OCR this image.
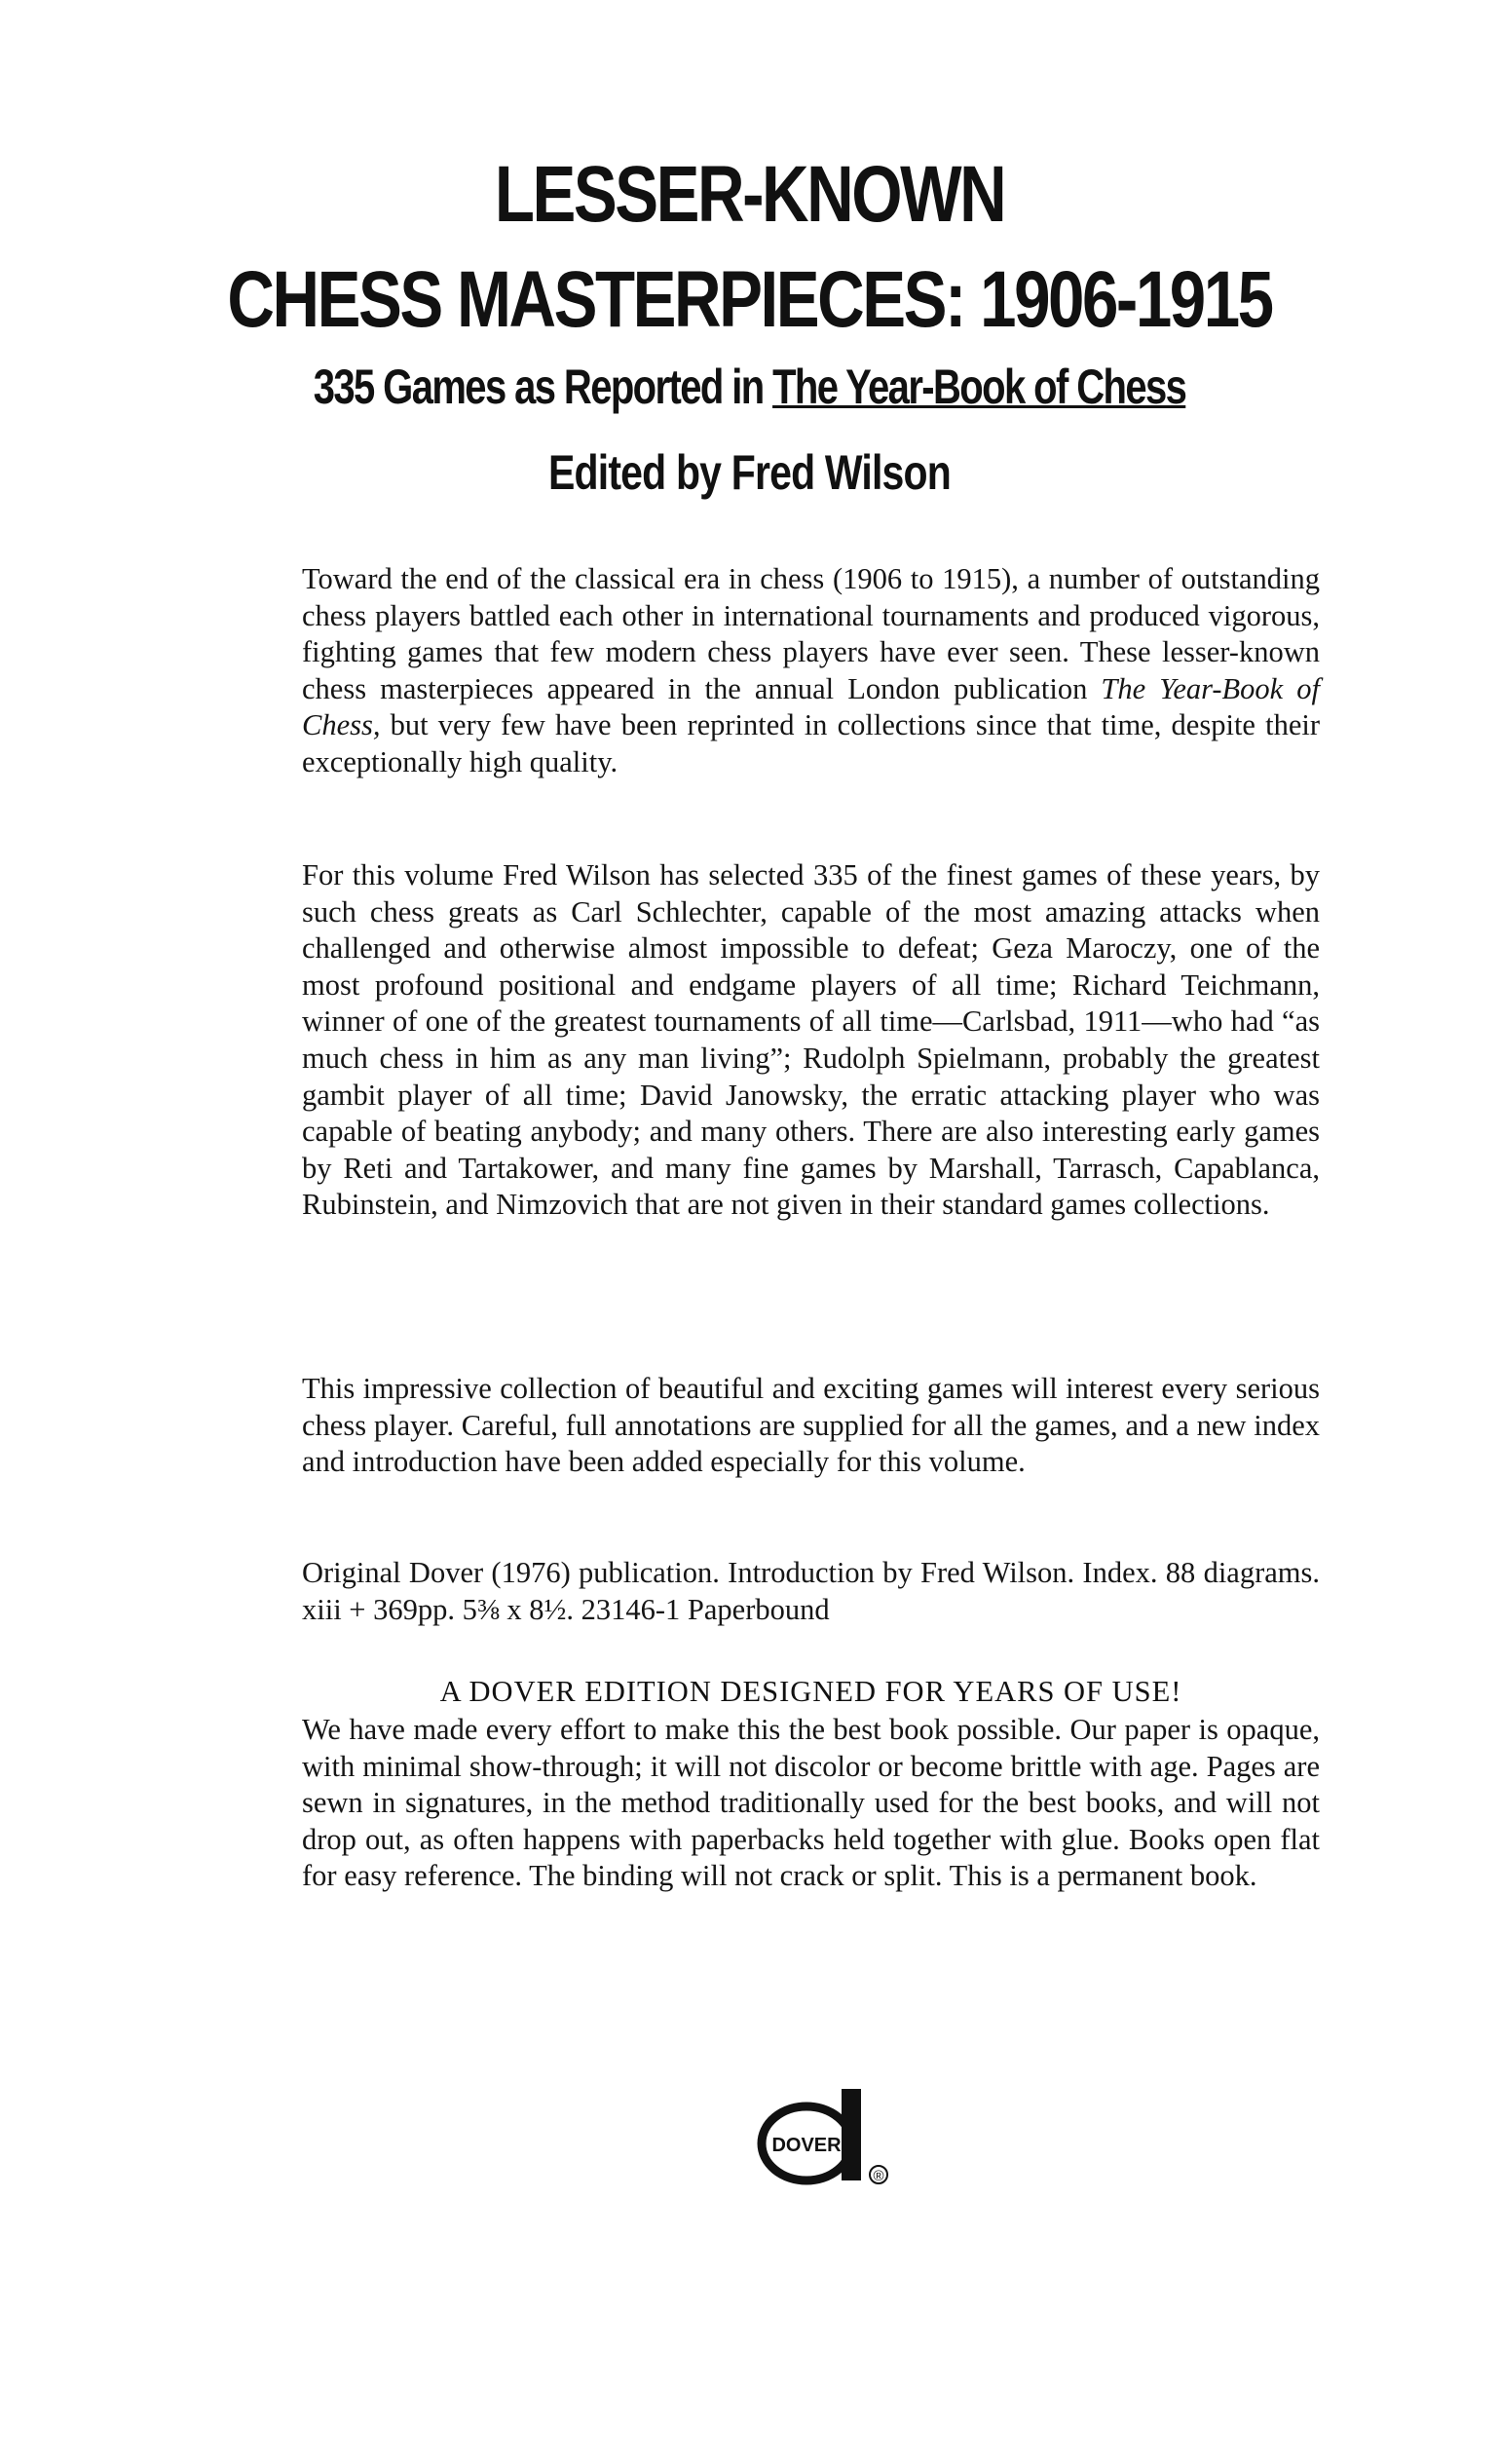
LESSER-KNOWN
CHESS MASTERPIECES: 1906-1915
335 Games as Reported in The Year-Book of Chess
Edited by Fred Wilson

Toward the end of the classical era in chess (1906 to 1915), a number of outstanding chess players battled each other in international tournaments and produced vigorous, fighting games that few modern chess players have ever seen. These lesser-known chess masterpieces appeared in the annual London publication The Year-Book of Chess, but very few have been reprinted in collections since that time, despite their exceptionally high quality.

For this volume Fred Wilson has selected 335 of the finest games of these years, by such chess greats as Carl Schlechter, capable of the most amazing attacks when challenged and otherwise almost impossible to defeat; Geza Maroczy, one of the most profound positional and endgame players of all time; Richard Teichmann, winner of one of the greatest tournaments of all time—Carlsbad, 1911—who had “as much chess in him as any man living”; Rudolph Spielmann, probably the greatest gambit player of all time; David Janowsky, the erratic attacking player who was capable of beating anybody; and many others. There are also interesting early games by Reti and Tartakower, and many fine games by Marshall, Tarrasch, Capablanca, Rubinstein, and Nimzovich that are not given in their standard games collections.

This impressive collection of beautiful and exciting games will interest every serious chess player. Careful, full annotations are supplied for all the games, and a new index and introduction have been added especially for this volume.

Original Dover (1976) publication. Introduction by Fred Wilson. Index. 88 diagrams. xiii + 369pp. 5⅜ x 8½. 23146-1 Paperbound

A DOVER EDITION DESIGNED FOR YEARS OF USE!

We have made every effort to make this the best book possible. Our paper is opaque, with minimal show-through; it will not discolor or become brittle with age. Pages are sewn in signatures, in the method traditionally used for the best books, and will not drop out, as often happens with paperbacks held together with glue. Books open flat for easy reference. The binding will not crack or split. This is a permanent book.

DOVER
®
